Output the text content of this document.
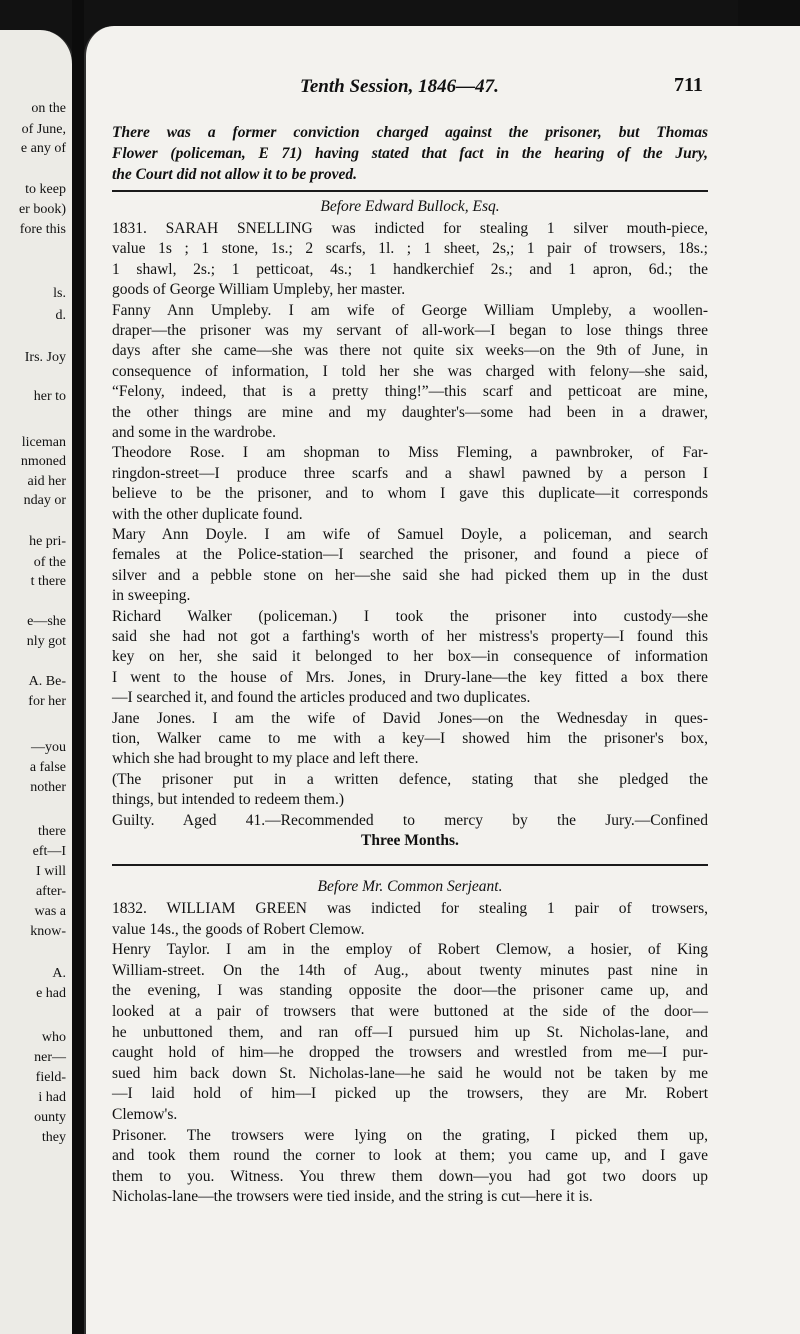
on the
of June,
e any of
to keep
er book)
fore this
ls.
d.
Irs. Joy
her to
liceman
nmoned
aid her
nday or
he pri-
of the
t there
e—she
nly got
A. Be-
for her
—you
a false
nother
there
eft—I
I will
after-
was a
know-
A.
e had
who
ner—
field-
i had
ounty
they
Tenth Session, 1846—47.	711
There was a former conviction charged against the prisoner, but Thomas
Flower (policeman, E 71) having stated that fact in the hearing of the Jury,
the Court did not allow it to be proved.
Before Edward Bullock, Esq.
1831. SARAH SNELLING was indicted for stealing 1 silver mouth-piece,
value 1s ; 1 stone, 1s.; 2 scarfs, 1l. ; 1 sheet, 2s,; 1 pair of trowsers, 18s.;
1 shawl, 2s.; 1 petticoat, 4s.; 1 handkerchief 2s.; and 1 apron, 6d.; the
goods of George William Umpleby, her master.
Fanny Ann Umpleby. I am wife of George William Umpleby, a woollen-
draper—the prisoner was my servant of all-work—I began to lose things three
days after she came—she was there not quite six weeks—on the 9th of June, in
consequence of information, I told her she was charged with felony—she said,
“Felony, indeed, that is a pretty thing!”—this scarf and petticoat are mine,
the other things are mine and my daughter's—some had been in a drawer,
and some in the wardrobe.
Theodore Rose. I am shopman to Miss Fleming, a pawnbroker, of Far-
ringdon-street—I produce three scarfs and a shawl pawned by a person I
believe to be the prisoner, and to whom I gave this duplicate—it corresponds
with the other duplicate found.
Mary Ann Doyle. I am wife of Samuel Doyle, a policeman, and search
females at the Police-station—I searched the prisoner, and found a piece of
silver and a pebble stone on her—she said she had picked them up in the dust
in sweeping.
Richard Walker (policeman.) I took the prisoner into custody—she
said she had not got a farthing's worth of her mistress's property—I found this
key on her, she said it belonged to her box—in consequence of information
I went to the house of Mrs. Jones, in Drury-lane—the key fitted a box there
—I searched it, and found the articles produced and two duplicates.
Jane Jones. I am the wife of David Jones—on the Wednesday in ques-
tion, Walker came to me with a key—I showed him the prisoner's box,
which she had brought to my place and left there.
(The prisoner put in a written defence, stating that she pledged the
things, but intended to redeem them.)
Guilty. Aged 41.—Recommended to mercy by the Jury.—Confined
Three Months.
Before Mr. Common Serjeant.
1832. WILLIAM GREEN was indicted for stealing 1 pair of trowsers,
value 14s., the goods of Robert Clemow.
Henry Taylor. I am in the employ of Robert Clemow, a hosier, of King
William-street. On the 14th of Aug., about twenty minutes past nine in
the evening, I was standing opposite the door—the prisoner came up, and
looked at a pair of trowsers that were buttoned at the side of the door—
he unbuttoned them, and ran off—I pursued him up St. Nicholas-lane, and
caught hold of him—he dropped the trowsers and wrestled from me—I pur-
sued him back down St. Nicholas-lane—he said he would not be taken by me
—I laid hold of him—I picked up the trowsers, they are Mr. Robert
Clemow's.
Prisoner. The trowsers were lying on the grating, I picked them up,
and took them round the corner to look at them; you came up, and I gave
them to you. Witness. You threw them down—you had got two doors up
Nicholas-lane—the trowsers were tied inside, and the string is cut—here it is.
